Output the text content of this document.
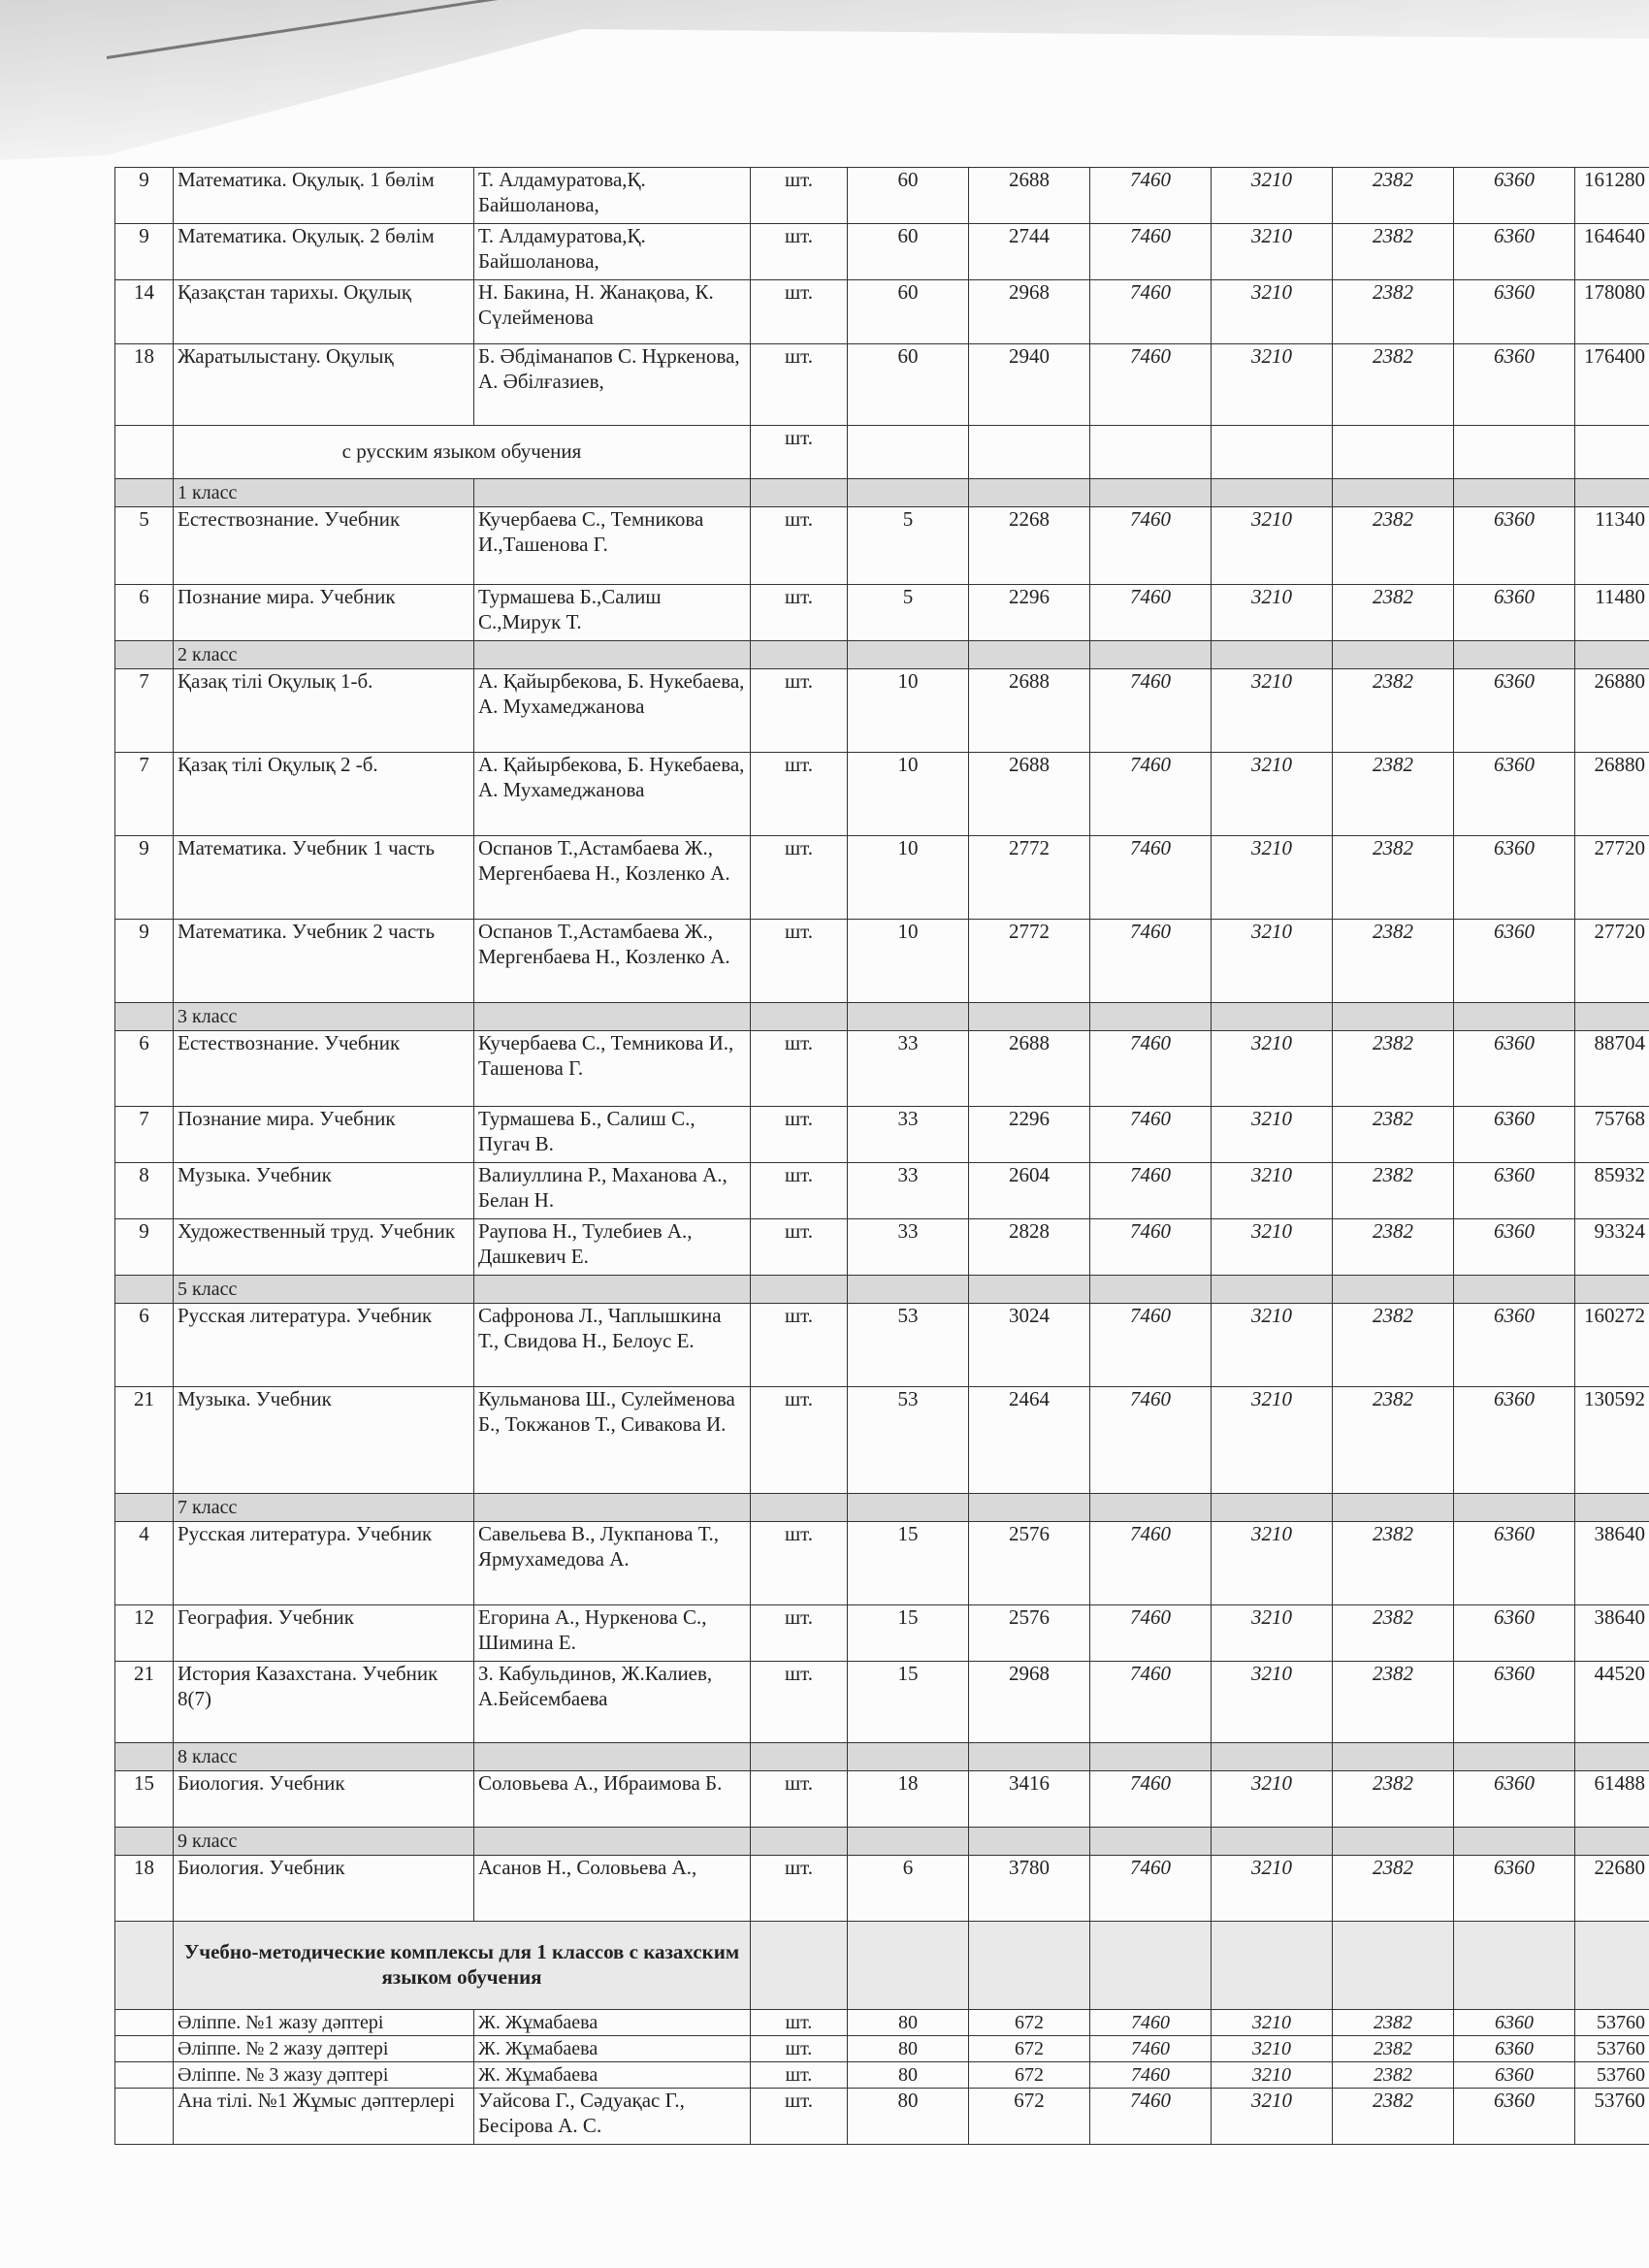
9	Математика. Оқулық. 1 бөлім	Т. Алдамуратова,Қ. Байшоланова,	шт.	60	2688	7460	3210	2382	6360	161280
9	Математика. Оқулық. 2 бөлім	Т. Алдамуратова,Қ. Байшоланова,	шт.	60	2744	7460	3210	2382	6360	164640
14	Қазақстан тарихы. Оқулық	Н. Бакина, Н. Жанақова, К. Сүлейменова	шт.	60	2968	7460	3210	2382	6360	178080
18	Жаратылыстану. Оқулық	Б. Әбдіманапов С. Нұркенова, А. Әбілғазиев,	шт.	60	2940	7460	3210	2382	6360	176400
	с русским языком обучения		шт.							
	1 класс									
5	Естествознание. Учебник	Кучербаева С., Темникова И.,Ташенова Г.	шт.	5	2268	7460	3210	2382	6360	11340
6	Познание мира. Учебник	Турмашева Б.,Салиш С.,Мирук Т.	шт.	5	2296	7460	3210	2382	6360	11480
	2 класс									
7	Қазақ тілі Оқулық 1-б.	А. Қайырбекова, Б. Нукебаева, А. Мухамеджанова	шт.	10	2688	7460	3210	2382	6360	26880
7	Қазақ тілі Оқулық 2 -б.	А. Қайырбекова, Б. Нукебаева, А. Мухамеджанова	шт.	10	2688	7460	3210	2382	6360	26880
9	Математика. Учебник 1 часть	Оспанов Т.,Астамбаева Ж., Мергенбаева Н., Козленко А.	шт.	10	2772	7460	3210	2382	6360	27720
9	Математика. Учебник 2 часть	Оспанов Т.,Астамбаева Ж., Мергенбаева Н., Козленко А.	шт.	10	2772	7460	3210	2382	6360	27720
	3 класс									
6	Естествознание. Учебник	Кучербаева С., Темникова И., Ташенова Г.	шт.	33	2688	7460	3210	2382	6360	88704
7	Познание мира. Учебник	Турмашева Б., Салиш С., Пугач В.	шт.	33	2296	7460	3210	2382	6360	75768
8	Музыка. Учебник	Валиуллина Р., Маханова А., Белан Н.	шт.	33	2604	7460	3210	2382	6360	85932
9	Художественный труд. Учебник	Раупова Н., Тулебиев А., Дашкевич Е.	шт.	33	2828	7460	3210	2382	6360	93324
	5 класс									
6	Русская литература. Учебник	Сафронова Л., Чаплышкина Т., Свидова Н., Белоус Е.	шт.	53	3024	7460	3210	2382	6360	160272
21	Музыка. Учебник	Кульманова Ш., Сулейменова Б., Токжанов Т., Сивакова И.	шт.	53	2464	7460	3210	2382	6360	130592
	7 класс									
4	Русская литература. Учебник	Савельева В., Лукпанова Т., Ярмухамедова А.	шт.	15	2576	7460	3210	2382	6360	38640
12	География. Учебник	Егорина А., Нуркенова С., Шимина Е.	шт.	15	2576	7460	3210	2382	6360	38640
21	История Казахстана. Учебник 8(7)	З. Кабульдинов, Ж.Калиев, А.Бейсембаева	шт.	15	2968	7460	3210	2382	6360	44520
	8 класс									
15	Биология. Учебник	Соловьева А., Ибраимова Б.	шт.	18	3416	7460	3210	2382	6360	61488
	9 класс									
18	Биология. Учебник	Асанов Н., Соловьева А.,	шт.	6	3780	7460	3210	2382	6360	22680
	Учебно-методические комплексы для 1 классов с казахским языком обучения									
	Әліппе. №1 жазу дәптері	Ж. Жұмабаева	шт.	80	672	7460	3210	2382	6360	53760
	Әліппе. № 2 жазу дәптері	Ж. Жұмабаева	шт.	80	672	7460	3210	2382	6360	53760
	Әліппе. № 3 жазу дәптері	Ж. Жұмабаева	шт.	80	672	7460	3210	2382	6360	53760
	Ана тілі. №1 Жұмыс дәптерлері	Уайсова Г., Сәдуақас Г., Бесірова А. С.	шт.	80	672	7460	3210	2382	6360	53760
